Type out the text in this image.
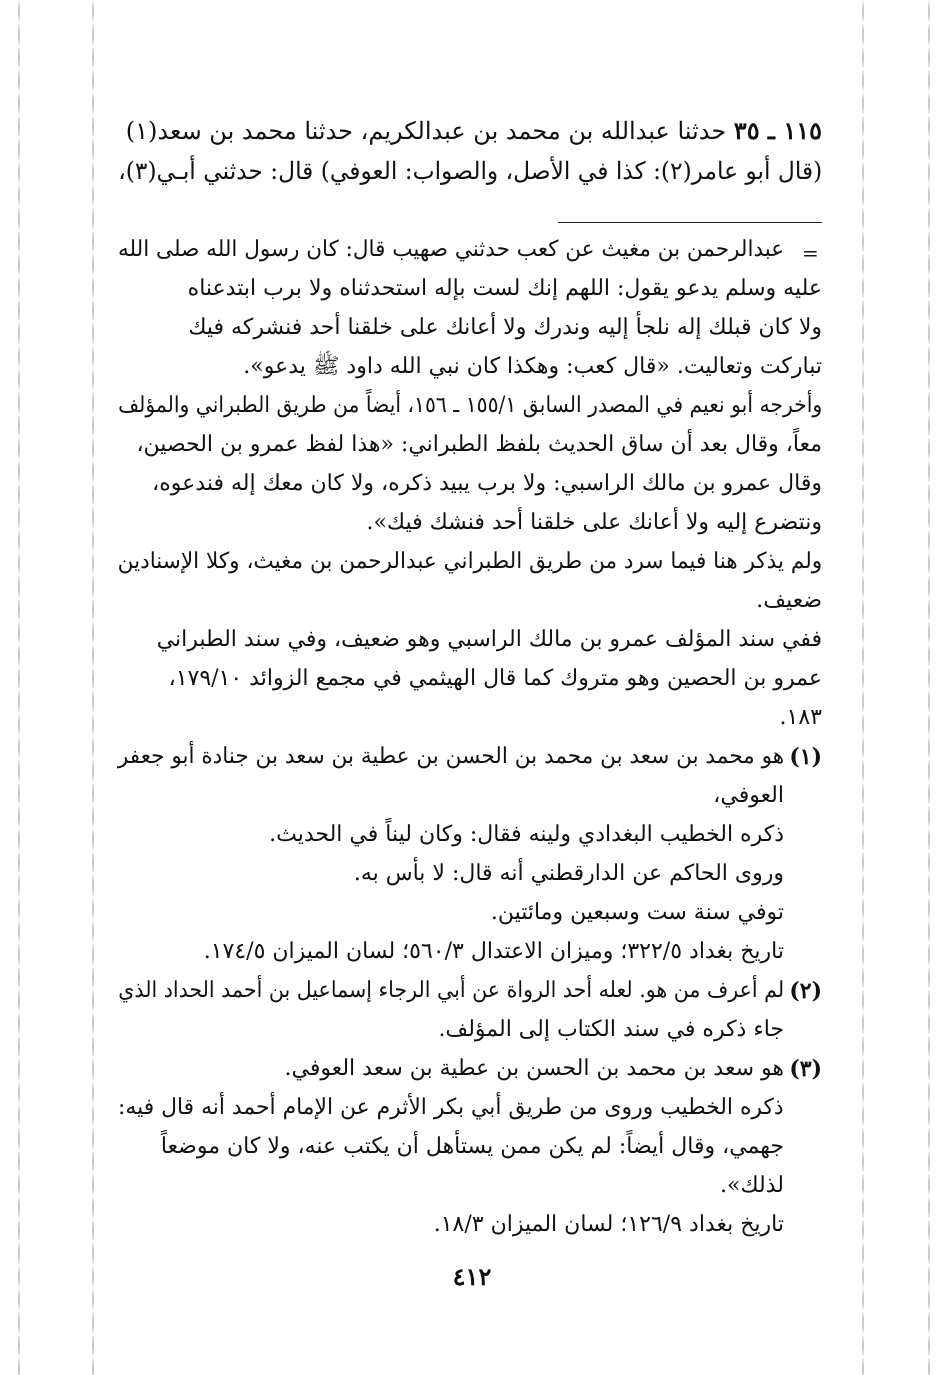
١١٥ ـ ٣٥ حدثنا عبدالله بن محمد بن عبدالكريم، حدثنا محمد بن سعد(١)
(قال أبو عامر(٢): كذا في الأصل، والصواب: العوفي) قال: حدثني أبـي(٣)،
=
عبدالرحمن بن مغيث عن كعب حدثني صهيب قال: كان رسول الله صلى الله
عليه وسلم يدعو يقول: اللهم إنك لست بإله استحدثناه ولا برب ابتدعناه
ولا كان قبلك إله نلجأ إليه وندرك ولا أعانك على خلقنا أحد فنشركه فيك
تباركت وتعاليت. «قال كعب: وهكذا كان نبي الله داود ﷺ يدعو».
وأخرجه أبو نعيم في المصدر السابق ١٥٥/١ ـ ١٥٦، أيضاً من طريق الطبراني والمؤلف
معاً، وقال بعد أن ساق الحديث بلفظ الطبراني: «هذا لفظ عمرو بن الحصين،
وقال عمرو بن مالك الراسبي: ولا برب يبيد ذكره، ولا كان معك إله فندعوه،
ونتضرع إليه ولا أعانك على خلقنا أحد فنشك فيك».
ولم يذكر هنا فيما سرد من طريق الطبراني عبدالرحمن بن مغيث، وكلا الإسنادين
ضعيف.
ففي سند المؤلف عمرو بن مالك الراسبي وهو ضعيف، وفي سند الطبراني
عمرو بن الحصين وهو متروك كما قال الهيثمي في مجمع الزوائد ١٧٩/١٠،
١٨٣.
(١)
هو محمد بن سعد بن محمد بن الحسن بن عطية بن سعد بن جنادة أبو جعفر
العوفي،
ذكره الخطيب البغدادي ولينه فقال: وكان ليناً في الحديث.
وروى الحاكم عن الدارقطني أنه قال: لا بأس به.
توفي سنة ست وسبعين ومائتين.
تاريخ بغداد ٣٢٢/٥؛ وميزان الاعتدال ٥٦٠/٣؛ لسان الميزان ١٧٤/٥.
(٢)
لم أعرف من هو. لعله أحد الرواة عن أبي الرجاء إسماعيل بن أحمد الحداد الذي
جاء ذكره في سند الكتاب إلى المؤلف.
(٣)
هو سعد بن محمد بن الحسن بن عطية بن سعد العوفي.
ذكره الخطيب وروى من طريق أبي بكر الأثرم عن الإمام أحمد أنه قال فيه:
جهمي، وقال أيضاً: لم يكن ممن يستأهل أن يكتب عنه، ولا كان موضعاً
لذلك».
تاريخ بغداد ١٢٦/٩؛ لسان الميزان ١٨/٣.
٤١٢
